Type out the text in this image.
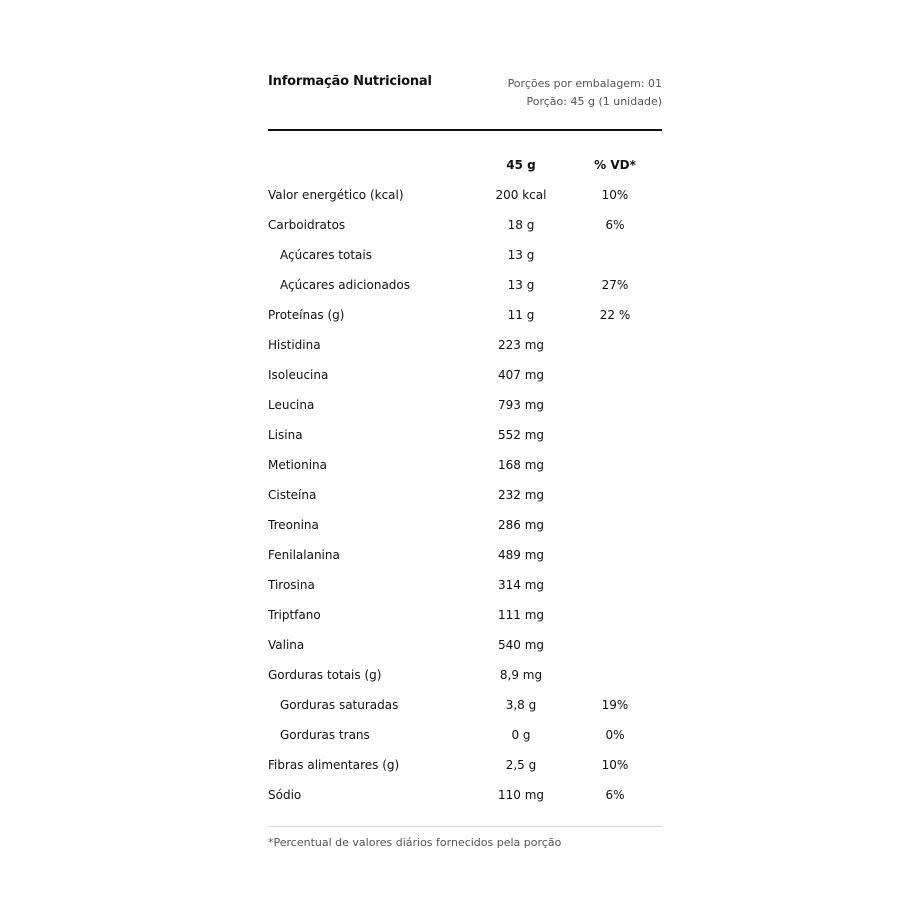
Informação Nutricional	Porções por embalagem: 01
Porção: 45 g (1 unidade)
45 g	% VD*
Valor energético (kcal)	200 kcal	10%
Carboidratos	18 g	6%
Açúcares totais	13 g
Açúcares adicionados	13 g	27%
Proteínas (g)	11 g	22 %
Histidina	223 mg
Isoleucina	407 mg
Leucina	793 mg
Lisina	552 mg
Metionina	168 mg
Cisteína	232 mg
Treonina	286 mg
Fenilalanina	489 mg
Tirosina	314 mg
Triptfano	111 mg
Valina	540 mg
Gorduras totais (g)	8,9 mg
Gorduras saturadas	3,8 g	19%
Gorduras trans	0 g	0%
Fibras alimentares (g)	2,5 g	10%
Sódio	110 mg	6%
*Percentual de valores diários fornecidos pela porção
